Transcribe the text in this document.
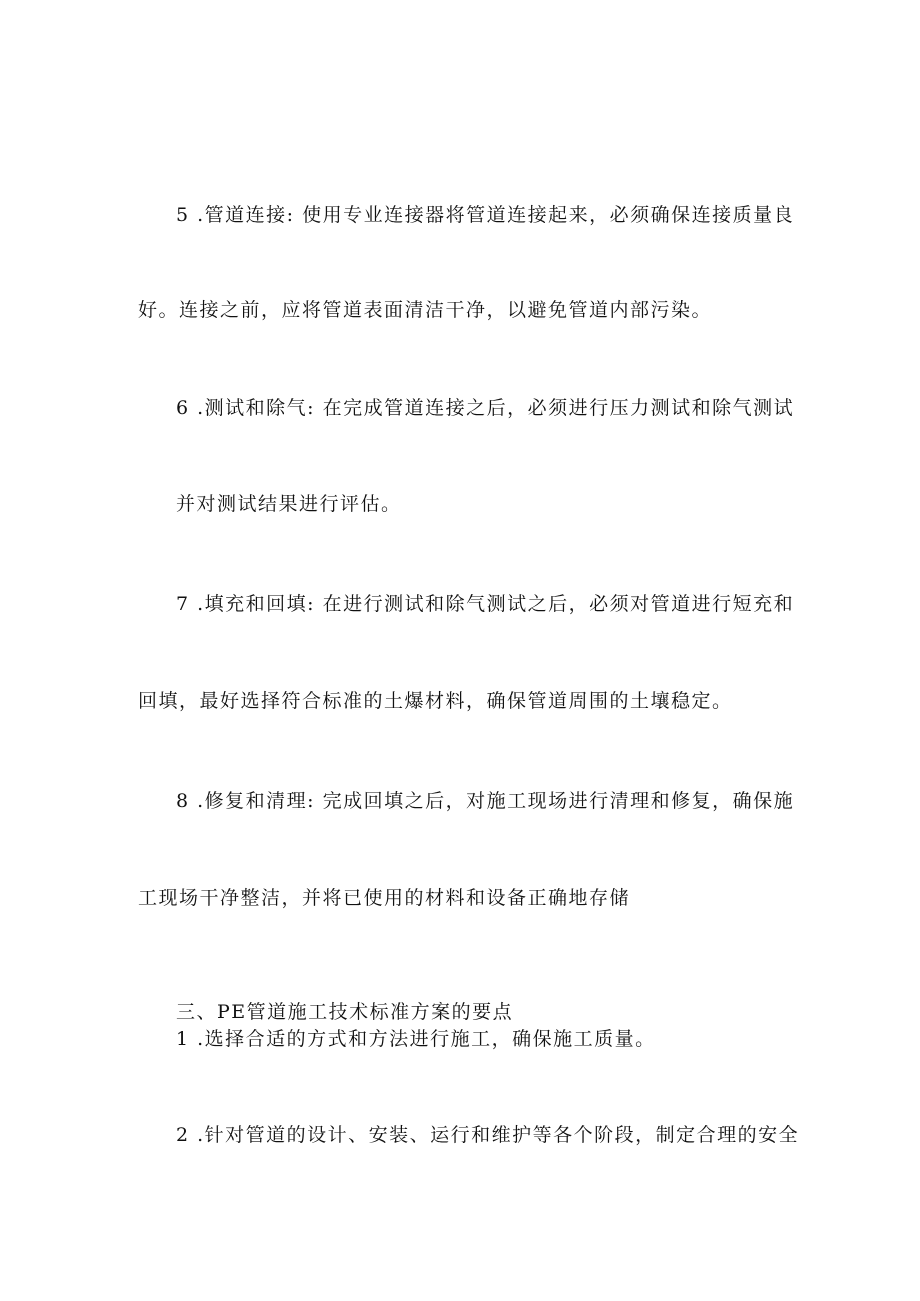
5 .管道连接: 使用专业连接器将管道连接起来，必须确保连接质量良
好。连接之前，应将管道表面清洁干净，以避免管道内部污染。
6 .测试和除气: 在完成管道连接之后，必须进行压力测试和除气测试
并对测试结果进行评估。
7 .填充和回填: 在进行测试和除气测试之后，必须对管道进行短充和
回填，最好选择符合标准的土爆材料，确保管道周围的土壤稳定。
8 .修复和清理: 完成回填之后，对施工现场进行清理和修复，确保施
工现场干净整洁，并将已使用的材料和设备正确地存储
三、PE管道施工技术标准方案的要点
1 .选择合适的方式和方法进行施工，确保施工质量。
2 .针对管道的设计、安装、运行和维护等各个阶段，制定合理的安全
